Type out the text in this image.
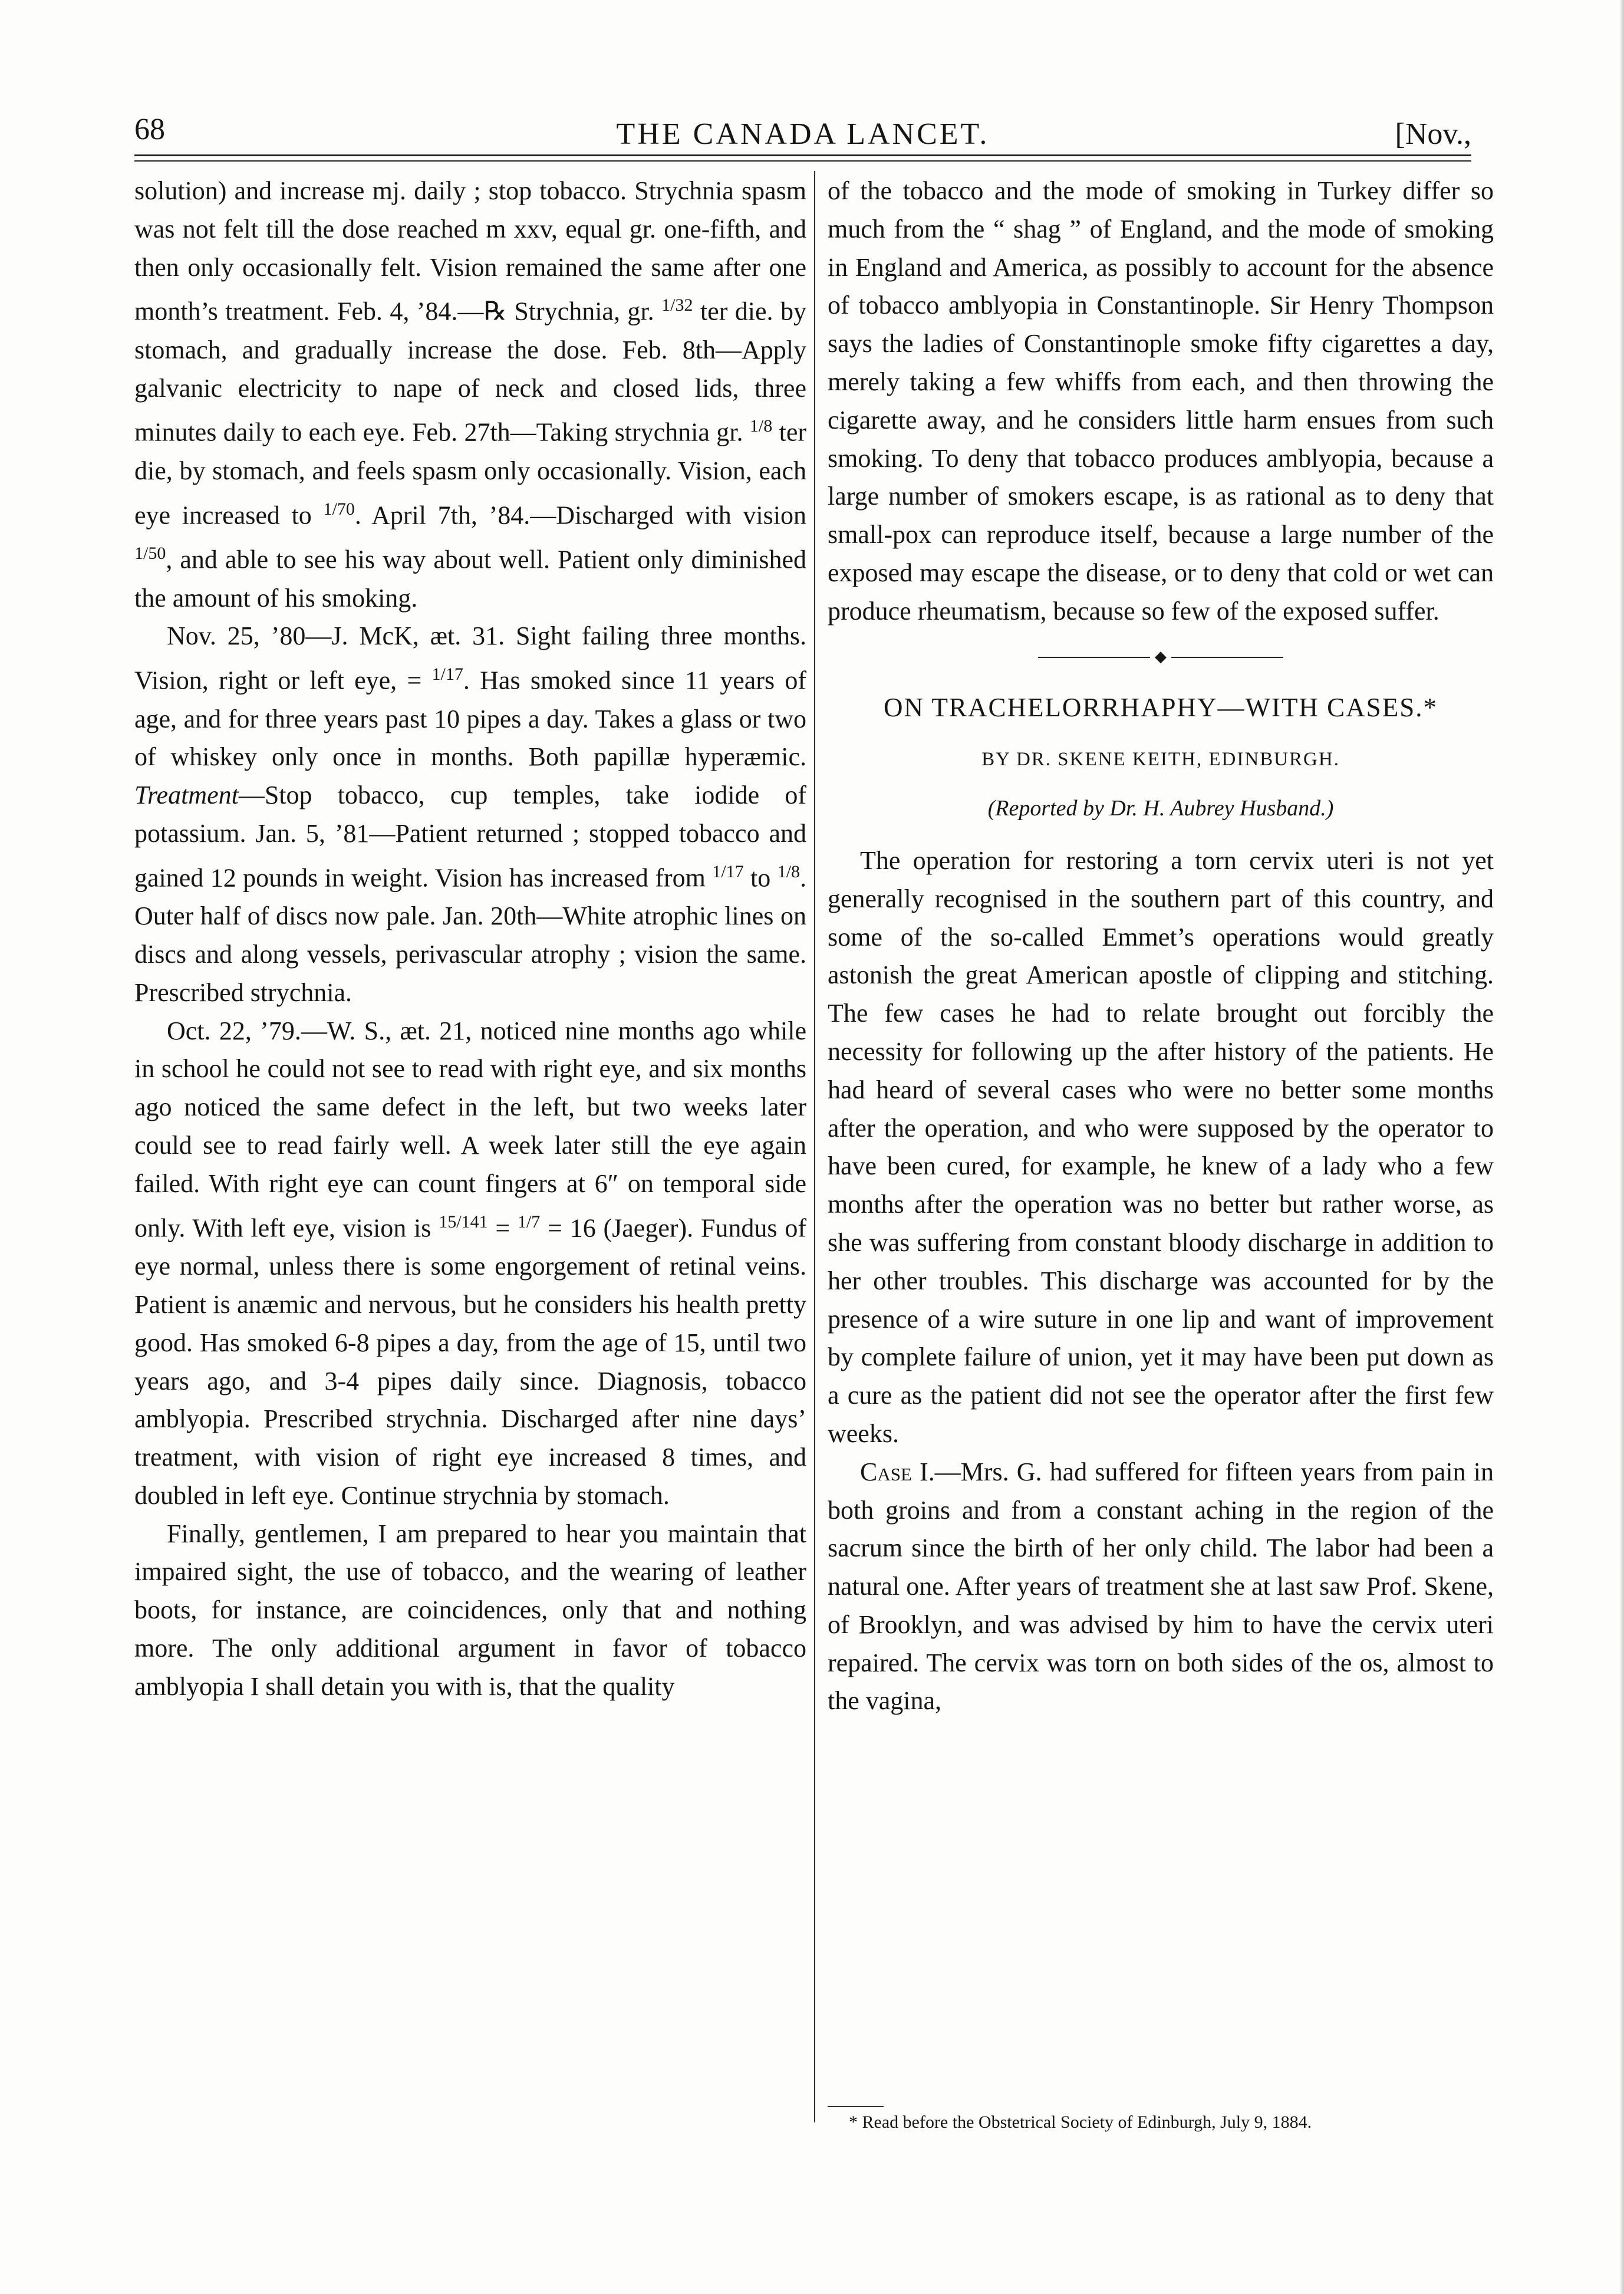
68	THE CANADA LANCET.	[Nov.,

solution) and increase mj. daily ; stop tobacco. Strychnia spasm was not felt till the dose reached m xxv, equal gr. one-fifth, and then only occasionally felt. Vision remained the same after one month’s treatment. Feb. 4, ’84.—℞ Strychnia, gr. $^{1/32}$ ter die. by stomach, and gradually increase the dose. Feb. 8th—Apply galvanic electricity to nape of neck and closed lids, three minutes daily to each eye. Feb. 27th—Taking strychnia gr. $^{1/8}$ ter die, by stomach, and feels spasm only occasionally. Vision, each eye increased to $^{1/70}$. April 7th, ’84.—Discharged with vision $^{1/50}$, and able to see his way about well. Patient only diminished the amount of his smoking.

Nov. 25, ’80—J. McK, æt. 31. Sight failing three months. Vision, right or left eye, = $^{1/17}$. Has smoked since 11 years of age, and for three years past 10 pipes a day. Takes a glass or two of whiskey only once in months. Both papillæ hyperæmic. Treatment—Stop tobacco, cup temples, take iodide of potassium. Jan. 5, ’81—Patient returned ; stopped tobacco and gained 12 pounds in weight. Vision has increased from $^{1/17}$ to $^{1/8}$. Outer half of discs now pale. Jan. 20th—White atrophic lines on discs and along vessels, perivascular atrophy ; vision the same. Prescribed strychnia.

Oct. 22, ’79.—W. S., æt. 21, noticed nine months ago while in school he could not see to read with right eye, and six months ago noticed the same defect in the left, but two weeks later could see to read fairly well. A week later still the eye again failed. With right eye can count fingers at 6″ on temporal side only. With left eye, vision is $^{15/141}$ = $^{1/7}$ = 16 (Jaeger). Fundus of eye normal, unless there is some engorgement of retinal veins. Patient is anæmic and nervous, but he considers his health pretty good. Has smoked 6-8 pipes a day, from the age of 15, until two years ago, and 3-4 pipes daily since. Diagnosis, tobacco amblyopia. Prescribed strychnia. Discharged after nine days’ treatment, with vision of right eye increased 8 times, and doubled in left eye. Continue strychnia by stomach.

Finally, gentlemen, I am prepared to hear you maintain that impaired sight, the use of tobacco, and the wearing of leather boots, for instance, are coincidences, only that and nothing more. The only additional argument in favor of tobacco amblyopia I shall detain you with is, that the quality

of the tobacco and the mode of smoking in Turkey differ so much from the “ shag ” of England, and the mode of smoking in England and America, as possibly to account for the absence of tobacco amblyopia in Constantinople. Sir Henry Thompson says the ladies of Constantinople smoke fifty cigarettes a day, merely taking a few whiffs from each, and then throwing the cigarette away, and he considers little harm ensues from such smoking. To deny that tobacco produces amblyopia, because a large number of smokers escape, is as rational as to deny that small-pox can reproduce itself, because a large number of the exposed may escape the disease, or to deny that cold or wet can produce rheumatism, because so few of the exposed suffer.

◆
ON TRACHELORRHAPHY—WITH CASES.*
BY DR. SKENE KEITH, EDINBURGH.
(Reported by Dr. H. Aubrey Husband.)

The operation for restoring a torn cervix uteri is not yet generally recognised in the southern part of this country, and some of the so-called Emmet’s operations would greatly astonish the great American apostle of clipping and stitching. The few cases he had to relate brought out forcibly the necessity for following up the after history of the patients. He had heard of several cases who were no better some months after the operation, and who were supposed by the operator to have been cured, for example, he knew of a lady who a few months after the operation was no better but rather worse, as she was suffering from constant bloody discharge in addition to her other troubles. This discharge was accounted for by the presence of a wire suture in one lip and want of improvement by complete failure of union, yet it may have been put down as a cure as the patient did not see the operator after the first few weeks.

Case I.—Mrs. G. had suffered for fifteen years from pain in both groins and from a constant aching in the region of the sacrum since the birth of her only child. The labor had been a natural one. After years of treatment she at last saw Prof. Skene, of Brooklyn, and was advised by him to have the cervix uteri repaired. The cervix was torn on both sides of the os, almost to the vagina,

* Read before the Obstetrical Society of Edinburgh, July 9, 1884.
